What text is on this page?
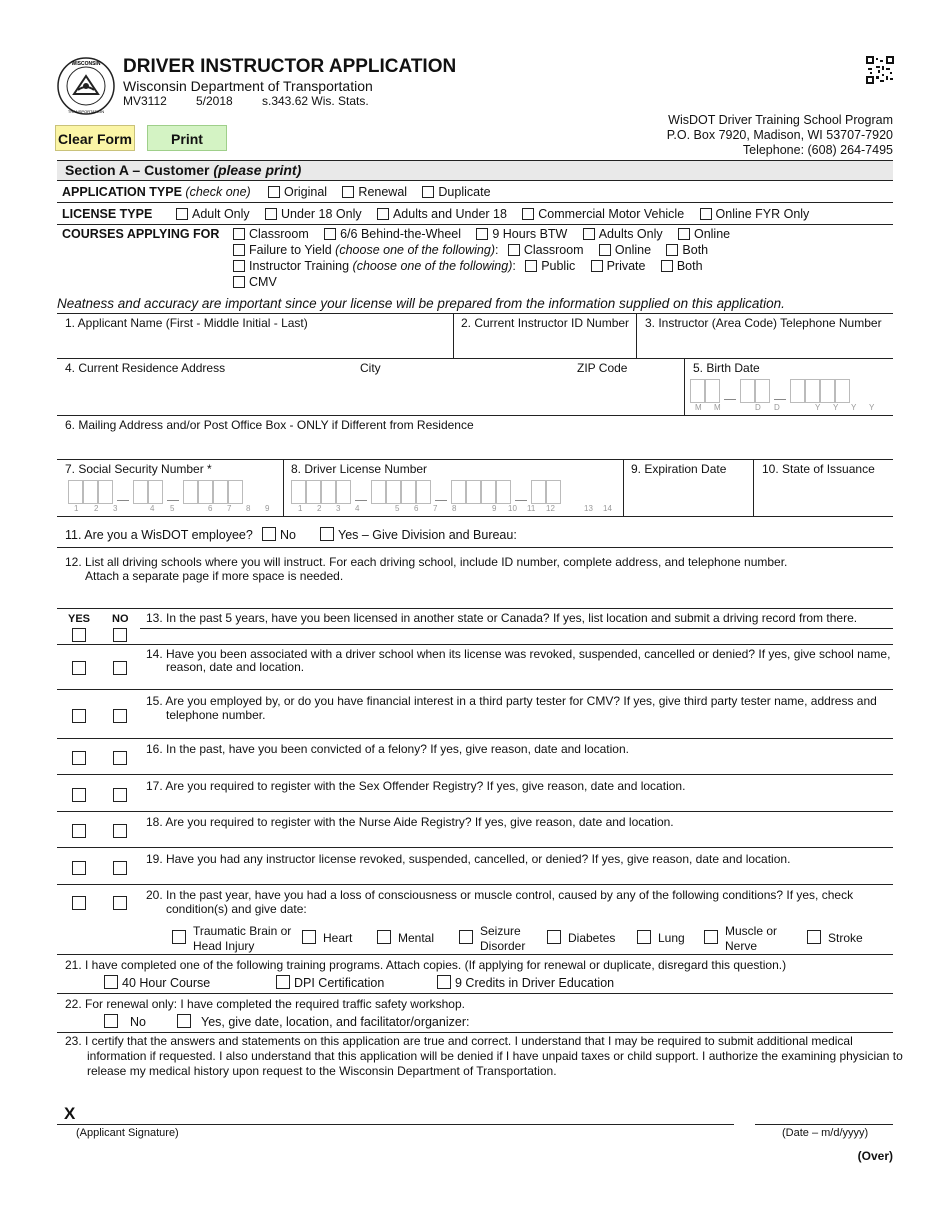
WISCONSIN
TRANSPORTATION
DRIVER INSTRUCTOR APPLICATION
Wisconsin Department of Transportation
MV3112 5/2018 s.343.62 Wis. Stats.
WisDOT Driver Training School Program
P.O. Box 7920, Madison, WI 53707-7920
Telephone: (608) 264-7495
Clear Form	Print
Section A – Customer (please print)
APPLICATION TYPE (check one)	Original	Renewal	Duplicate
LICENSE TYPE	Adult Only	Under 18 Only	Adults and Under 18	Commercial Motor Vehicle	Online FYR Only
COURSES APPLYING FOR	Classroom	6/6 Behind-the-Wheel	9 Hours BTW	Adults Only	Online
Failure to Yield (choose one of the following): Classroom	Online	Both
Instructor Training (choose one of the following): Public	Private	Both
CMV
Neatness and accuracy are important since your license will be prepared from the information supplied on this application.
1. Applicant Name (First - Middle Initial - Last)	2. Current Instructor ID Number 3. Instructor (Area Code) Telephone Number
4. Current Residence Address	City	ZIP Code	5. Birth Date
M M	D D	Y Y Y Y
6. Mailing Address and/or Post Office Box - ONLY if Different from Residence
7. Social Security Number *
1 2 3	4 5	6 7 8 9
8. Driver License Number
1 2 3 4	5 6 7 8	9 10 11 12	13 14
9. Expiration Date	10. State of Issuance
11. Are you a WisDOT employee?	No	Yes – Give Division and Bureau:
12. List all driving schools where you will instruct. For each driving school, include ID number, complete address, and telephone number.
Attach a separate page if more space is needed.
YES NO 13. In the past 5 years, have you been licensed in another state or Canada? If yes, list location and submit a driving record from there.
14. Have you been associated with a driver school when its license was revoked, suspended, cancelled or denied? If yes, give school name,
reason, date and location.
15. Are you employed by, or do you have financial interest in a third party tester for CMV? If yes, give third party tester name, address and
telephone number.
16. In the past, have you been convicted of a felony? If yes, give reason, date and location.
17. Are you required to register with the Sex Offender Registry? If yes, give reason, date and location.
18. Are you required to register with the Nurse Aide Registry? If yes, give reason, date and location.
19. Have you had any instructor license revoked, suspended, cancelled, or denied? If yes, give reason, date and location.
20. In the past year, have you had a loss of consciousness or muscle control, caused by any of the following conditions? If yes, check
condition(s) and give date:
Traumatic Brain or
Head Injury
Heart	Mental	Seizure
Disorder
Diabetes	Lung	Muscle or
Nerve
Stroke
21. I have completed one of the following training programs. Attach copies. (If applying for renewal or duplicate, disregard this question.)
40 Hour Course	DPI Certification	9 Credits in Driver Education
22. For renewal only: I have completed the required traffic safety workshop.
No	Yes, give date, location, and facilitator/organizer:
23. I certify that the answers and statements on this application are true and correct. I understand that I may be required to submit additional medical
information if requested. I also understand that this application will be denied if I have unpaid taxes or child support. I authorize the examining physician to
release my medical history upon request to the Wisconsin Department of Transportation.
X
(Applicant Signature)	(Date – m/d/yyyy)
(Over)
